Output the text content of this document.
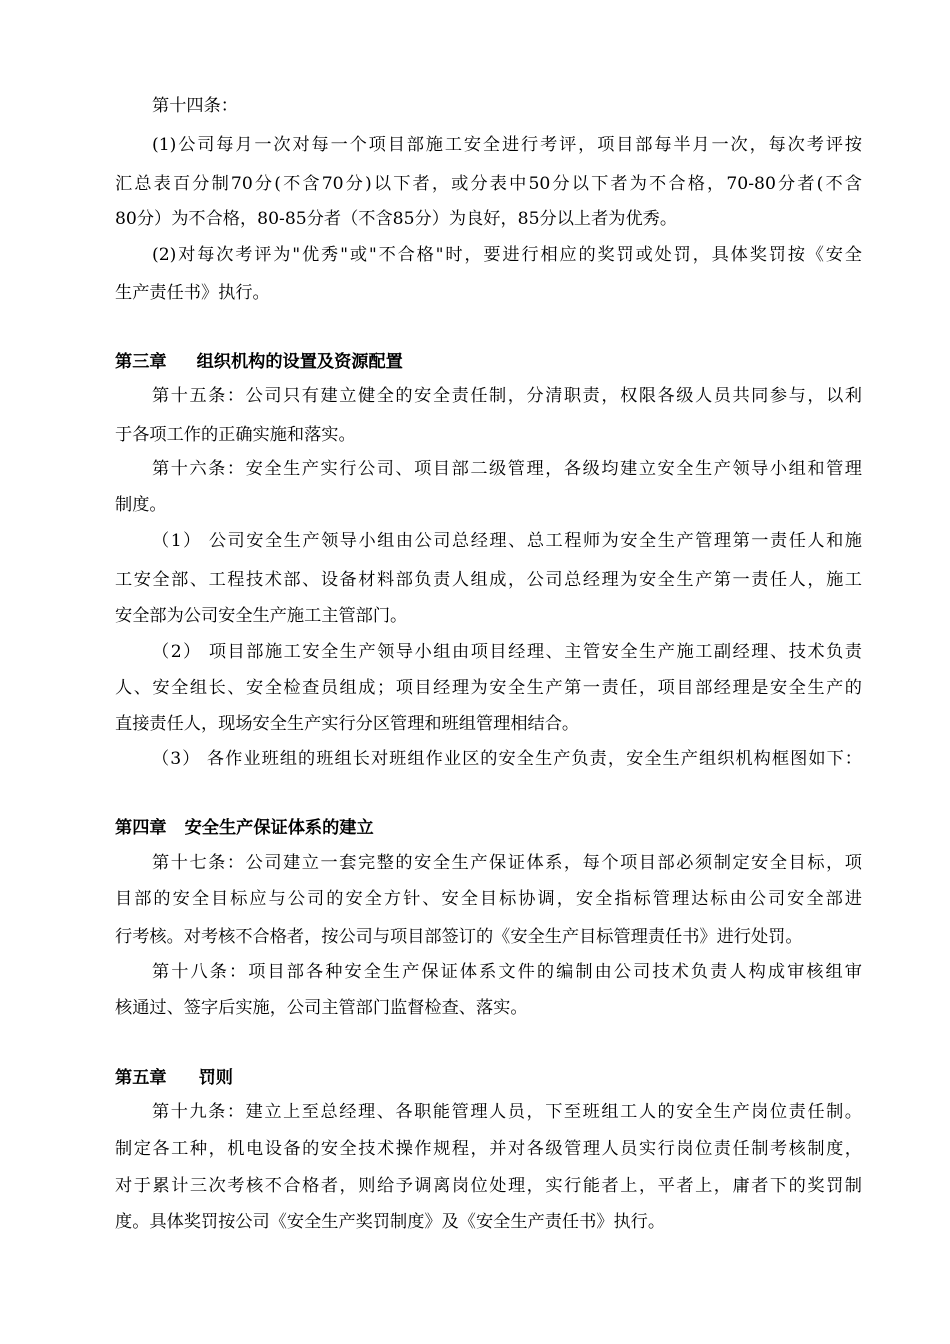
第十四条：
(1)公司每月一次对每一个项目部施工安全进行考评，项目部每半月一次，每次考评按
汇总表百分制70分(不含70分)以下者，或分表中50分以下者为不合格，70-80分者(不含
80分）为不合格，80-85分者（不含85分）为良好，85分以上者为优秀。
(2)对每次考评为"优秀"或"不合格"时，要进行相应的奖罚或处罚，具体奖罚按《安全
生产责任书》执行。
第三章 组织机构的设置及资源配置
第十五条：公司只有建立健全的安全责任制，分清职责，权限各级人员共同参与，以利
于各项工作的正确实施和落实。
第十六条：安全生产实行公司、项目部二级管理，各级均建立安全生产领导小组和管理
制度。
（1） 公司安全生产领导小组由公司总经理、总工程师为安全生产管理第一责任人和施
工安全部、工程技术部、设备材料部负责人组成，公司总经理为安全生产第一责任人，施工
安全部为公司安全生产施工主管部门。
（2） 项目部施工安全生产领导小组由项目经理、主管安全生产施工副经理、技术负责
人、安全组长、安全检查员组成；项目经理为安全生产第一责任，项目部经理是安全生产的
直接责任人，现场安全生产实行分区管理和班组管理相结合。
（3） 各作业班组的班组长对班组作业区的安全生产负责，安全生产组织机构框图如下：
第四章 安全生产保证体系的建立
第十七条：公司建立一套完整的安全生产保证体系，每个项目部必须制定安全目标，项
目部的安全目标应与公司的安全方针、安全目标协调，安全指标管理达标由公司安全部进
行考核。对考核不合格者，按公司与项目部签订的《安全生产目标管理责任书》进行处罚。
第十八条：项目部各种安全生产保证体系文件的编制由公司技术负责人构成审核组审
核通过、签字后实施，公司主管部门监督检查、落实。
第五章 罚则
第十九条：建立上至总经理、各职能管理人员，下至班组工人的安全生产岗位责任制。
制定各工种，机电设备的安全技术操作规程，并对各级管理人员实行岗位责任制考核制度，
对于累计三次考核不合格者，则给予调离岗位处理，实行能者上，平者上，庸者下的奖罚制
度。具体奖罚按公司《安全生产奖罚制度》及《安全生产责任书》执行。
